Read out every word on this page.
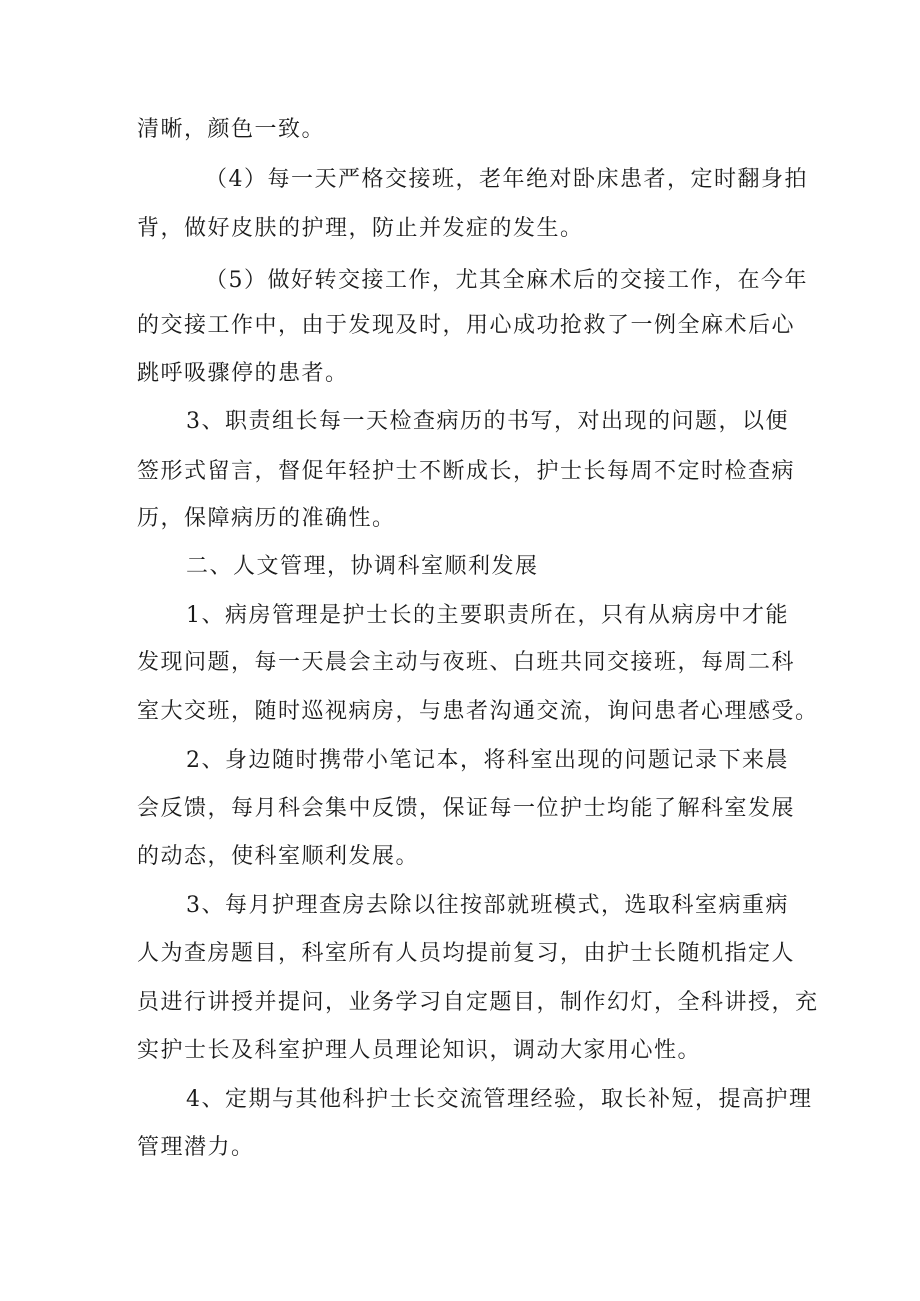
清晰，颜色一致。
（4）每一天严格交接班，老年绝对卧床患者，定时翻身拍
背，做好皮肤的护理，防止并发症的发生。
（5）做好转交接工作，尤其全麻术后的交接工作，在今年
的交接工作中，由于发现及时，用心成功抢救了一例全麻术后心
跳呼吸骤停的患者。
3、职责组长每一天检查病历的书写，对出现的问题，以便
签形式留言，督促年轻护士不断成长，护士长每周不定时检查病
历，保障病历的准确性。
二、人文管理，协调科室顺利发展
1、病房管理是护士长的主要职责所在，只有从病房中才能
发现问题，每一天晨会主动与夜班、白班共同交接班，每周二科
室大交班，随时巡视病房，与患者沟通交流，询问患者心理感受。
2、身边随时携带小笔记本，将科室出现的问题记录下来晨
会反馈，每月科会集中反馈，保证每一位护士均能了解科室发展
的动态，使科室顺利发展。
3、每月护理查房去除以往按部就班模式，选取科室病重病
人为查房题目，科室所有人员均提前复习，由护士长随机指定人
员进行讲授并提问，业务学习自定题目，制作幻灯，全科讲授，充
实护士长及科室护理人员理论知识，调动大家用心性。
4、定期与其他科护士长交流管理经验，取长补短，提高护理
管理潜力。
